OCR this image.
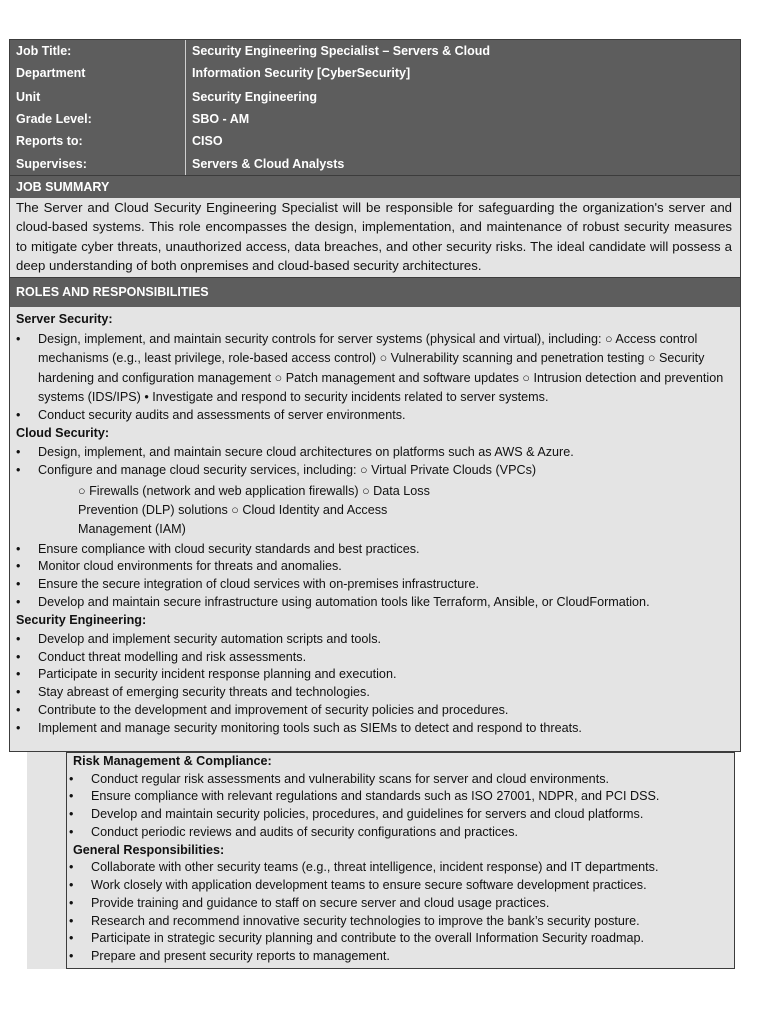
Job Title:
Department
Security Engineering Specialist – Servers & Cloud
Information Security [CyberSecurity]
Unit	Security Engineering
Grade Level:
Reports to:
SBO - AM
CISO
Supervises:	Servers & Cloud Analysts
JOB SUMMARY
The Server and Cloud Security Engineering Specialist will be responsible for safeguarding the organization's server and cloud-based systems. This role encompasses the design, implementation, and maintenance of robust security measures to mitigate cyber threats, unauthorized access, data breaches, and other security risks. The ideal candidate will possess a deep understanding of both onpremises and cloud-based security architectures.
ROLES AND RESPONSIBILITIES
Server Security:
• Design, implement, and maintain security controls for server systems (physical and virtual), including: ○ Access control mechanisms (e.g., least privilege, role-based access control) ○ Vulnerability scanning and penetration testing ○ Security hardening and configuration management ○ Patch management and software updates ○ Intrusion detection and prevention systems (IDS/IPS) • Investigate and respond to security incidents related to server systems.
• Conduct security audits and assessments of server environments.
Cloud Security:
• Design, implement, and maintain secure cloud architectures on platforms such as AWS & Azure.
• Configure and manage cloud security services, including: ○ Virtual Private Clouds (VPCs)
○ Firewalls (network and web application firewalls) ○ Data Loss
Prevention (DLP) solutions ○ Cloud Identity and Access
Management (IAM)
• Ensure compliance with cloud security standards and best practices.
• Monitor cloud environments for threats and anomalies.
• Ensure the secure integration of cloud services with on-premises infrastructure.
• Develop and maintain secure infrastructure using automation tools like Terraform, Ansible, or CloudFormation.
Security Engineering:
• Develop and implement security automation scripts and tools.
• Conduct threat modelling and risk assessments.
• Participate in security incident response planning and execution.
• Stay abreast of emerging security threats and technologies.
• Contribute to the development and improvement of security policies and procedures.
• Implement and manage security monitoring tools such as SIEMs to detect and respond to threats.
Risk Management & Compliance:
• Conduct regular risk assessments and vulnerability scans for server and cloud environments.
• Ensure compliance with relevant regulations and standards such as ISO 27001, NDPR, and PCI DSS.
• Develop and maintain security policies, procedures, and guidelines for servers and cloud platforms.
• Conduct periodic reviews and audits of security configurations and practices.
General Responsibilities:
• Collaborate with other security teams (e.g., threat intelligence, incident response) and IT departments.
• Work closely with application development teams to ensure secure software development practices.
• Provide training and guidance to staff on secure server and cloud usage practices.
• Research and recommend innovative security technologies to improve the bank’s security posture.
• Participate in strategic security planning and contribute to the overall Information Security roadmap.
• Prepare and present security reports to management.
